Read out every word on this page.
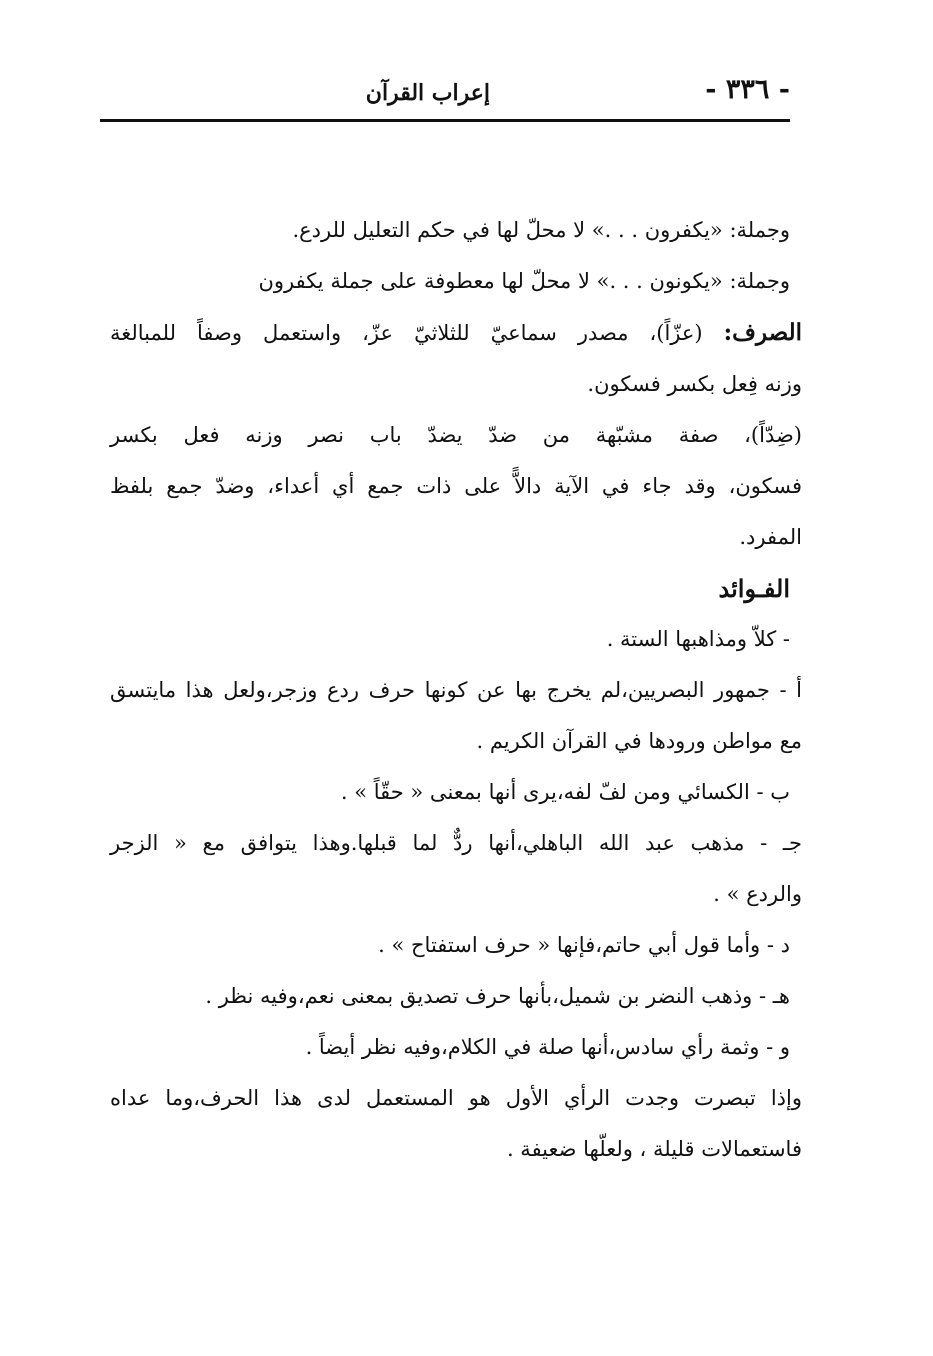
- ٣٣٦ -
إعراب القرآن

وجملة: «يكفرون . . .» لا محلّ لها في حكم التعليل للردع.

وجملة: «يكونون . . .» لا محلّ لها معطوفة على جملة يكفرون

الصرف: (عزّاً)، مصدر سماعيّ للثلاثيّ عزّ، واستعمل وصفاً للمبالغة
وزنه فِعل بكسر فسكون.

(ضِدّاً)، صفة مشبّهة من ضدّ يضدّ باب نصر وزنه فعل بكسر
فسكون، وقد جاء في الآية دالاًّ على ذات جمع أي أعداء، وضدّ جمع بلفظ
المفرد.

الفـوائد

- كلاّ ومذاهبها الستة .

أ - جمهور البصريين،لم يخرج بها عن كونها حرف ردع وزجر،ولعل هذا مايتسق
مع مواطن ورودها في القرآن الكريم .

ب - الكسائي ومن لفّ لفه،يرى أنها بمعنى « حقّاً » .

جـ - مذهب عبد الله الباهلي،أنها ردٌّ لما قبلها.وهذا يتوافق مع « الزجر
والردع » .

د - وأما قول أبي حاتم،فإنها « حرف استفتاح » .

هـ - وذهب النضر بن شميل،بأنها حرف تصديق بمعنى نعم،وفيه نظر .

و - وثمة رأي سادس،أنها صلة في الكلام،وفيه نظر أيضاً .

وإذا تبصرت وجدت الرأي الأول هو المستعمل لدى هذا الحرف،وما عداه
فاستعمالات قليلة ، ولعلّها ضعيفة .
